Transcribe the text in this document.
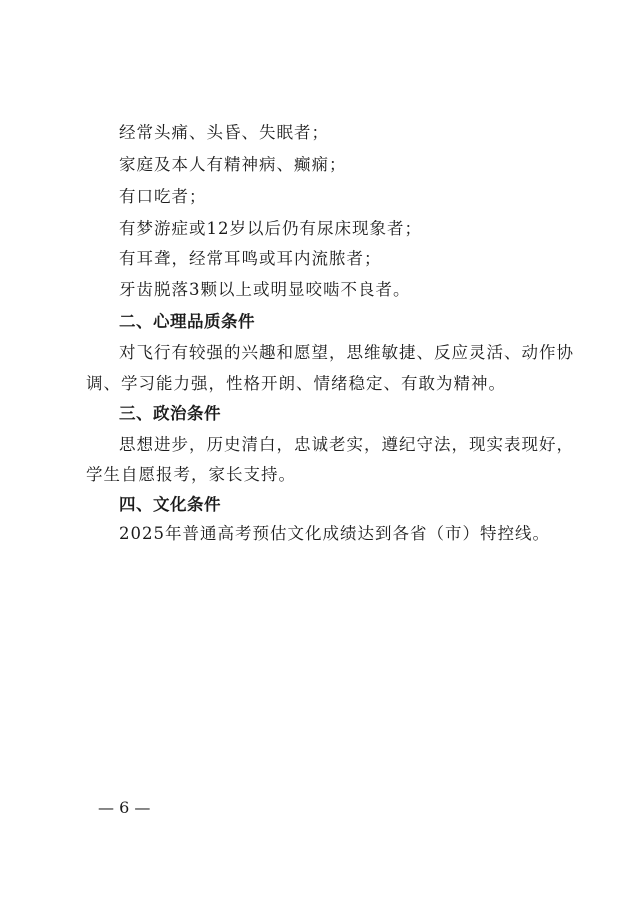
经常头痛、头昏、失眠者；
家庭及本人有精神病、癫痫；
有口吃者；
有梦游症或12岁以后仍有尿床现象者；
有耳聋，经常耳鸣或耳内流脓者；
牙齿脱落3颗以上或明显咬啮不良者。
二、心理品质条件
对飞行有较强的兴趣和愿望，思维敏捷、反应灵活、动作协
调、学习能力强，性格开朗、情绪稳定、有敢为精神。
三、政治条件
思想进步，历史清白，忠诚老实，遵纪守法，现实表现好，
学生自愿报考，家长支持。
四、文化条件
2025年普通高考预估文化成绩达到各省（市）特控线。
— 6 —
